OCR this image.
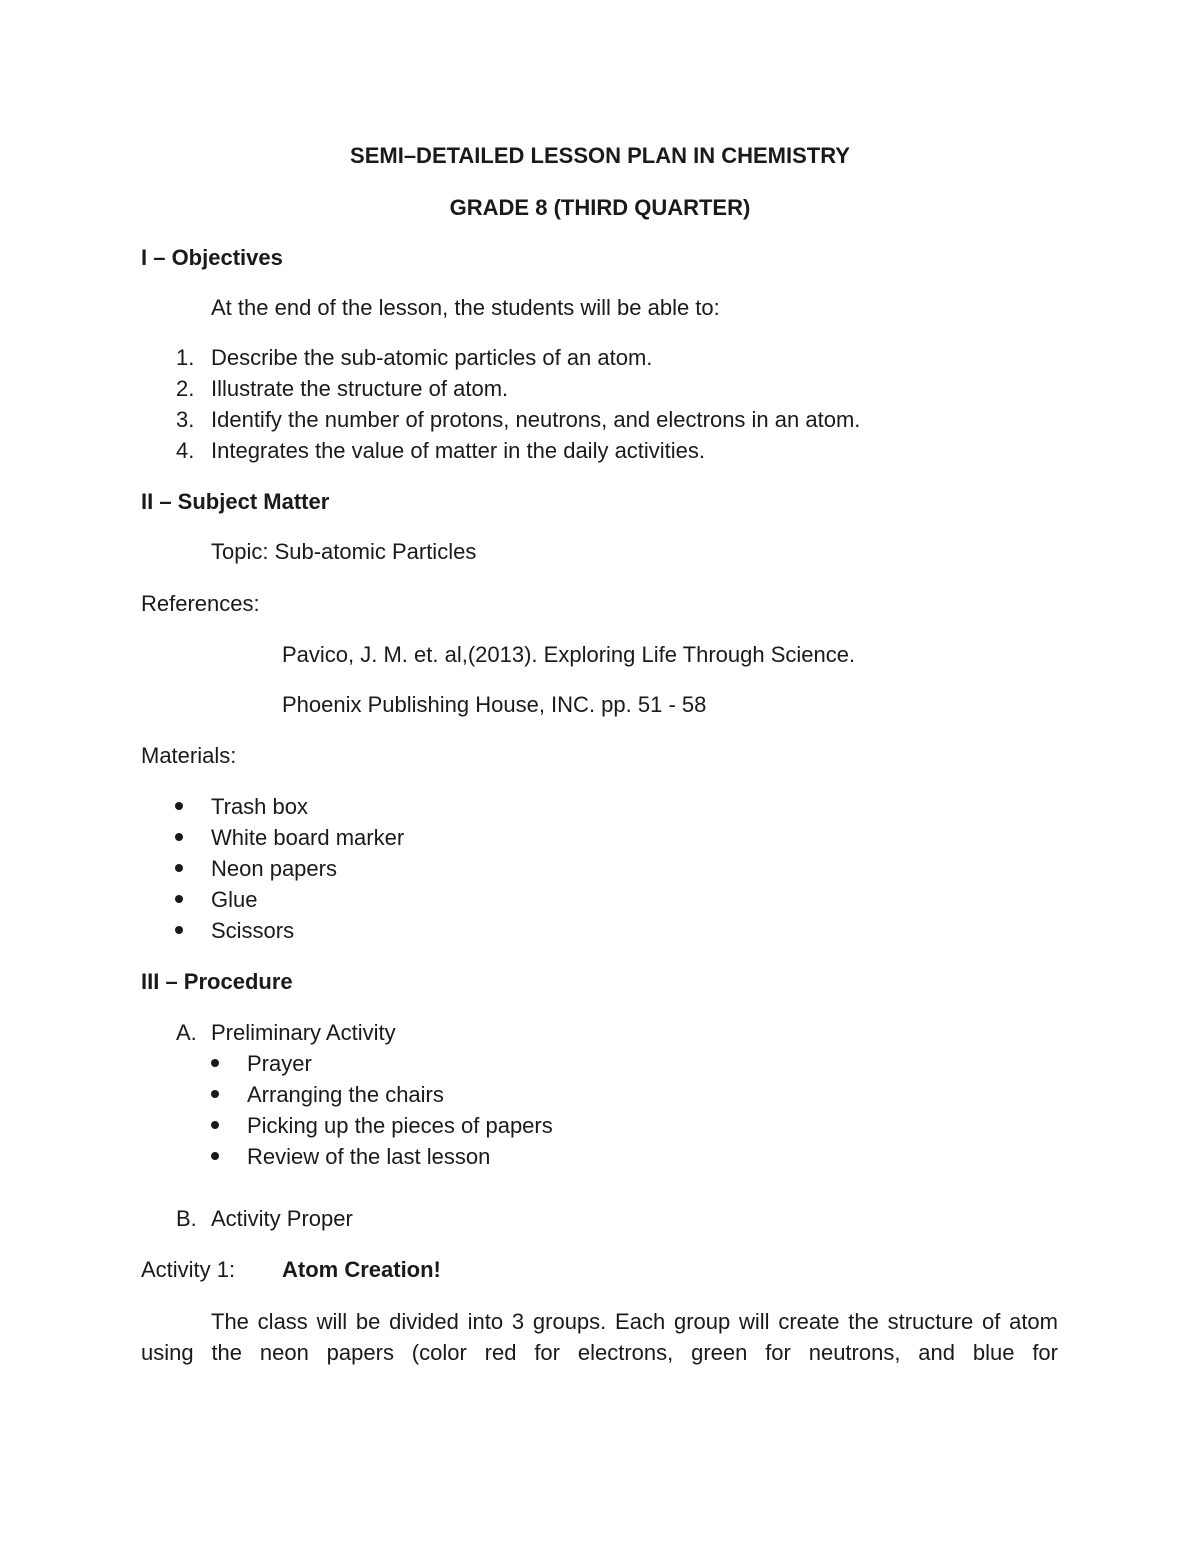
SEMI–DETAILED LESSON PLAN IN CHEMISTRY
GRADE 8 (THIRD QUARTER)
I – Objectives
At the end of the lesson, the students will be able to:
1. Describe the sub-atomic particles of an atom.
2. Illustrate the structure of atom.
3. Identify the number of protons, neutrons, and electrons in an atom.
4. Integrates the value of matter in the daily activities.
II – Subject Matter
Topic: Sub-atomic Particles
References:
Pavico, J. M. et. al,(2013). Exploring Life Through Science.
Phoenix Publishing House, INC. pp. 51 - 58
Materials:
Trash box
White board marker
Neon papers
Glue
Scissors
III – Procedure
A. Preliminary Activity
Prayer
Arranging the chairs
Picking up the pieces of papers
Review of the last lesson
B. Activity Proper
Activity 1: Atom Creation!
The class will be divided into 3 groups. Each group will create the structure of atom using the neon papers (color red for electrons, green for neutrons, and blue for
